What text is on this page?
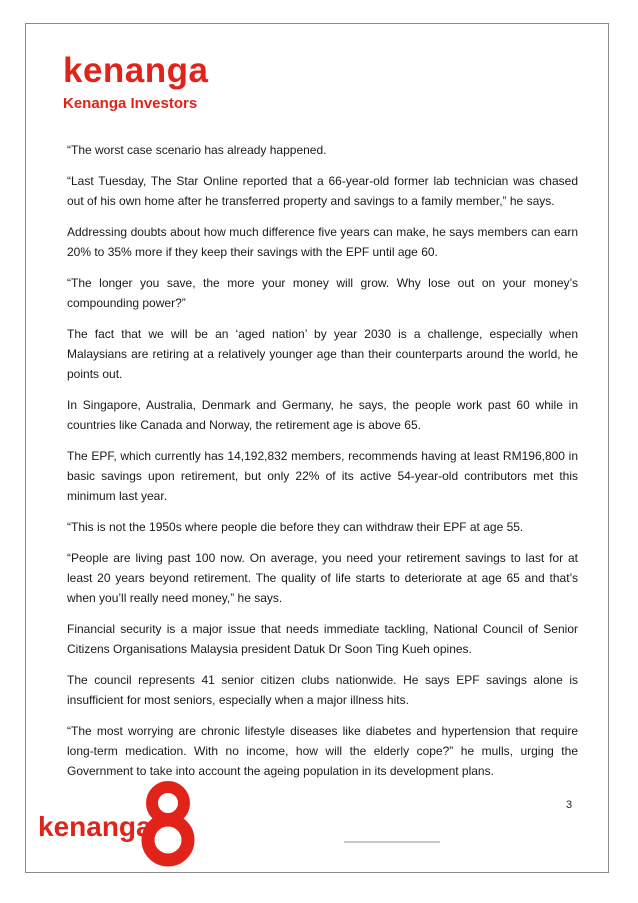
kenanga
Kenanga Investors

“The worst case scenario has already happened.

“Last Tuesday, The Star Online reported that a 66-year-old former lab technician was chased out of his own home after he transferred property and savings to a family member,” he says.

Addressing doubts about how much difference five years can make, he says members can earn 20% to 35% more if they keep their savings with the EPF until age 60.

“The longer you save, the more your money will grow. Why lose out on your money’s compounding power?”

The fact that we will be an ‘aged nation’ by year 2030 is a challenge, especially when Malaysians are retiring at a relatively younger age than their counterparts around the world, he points out.

In Singapore, Australia, Denmark and Germany, he says, the people work past 60 while in countries like Canada and Norway, the retirement age is above 65.

The EPF, which currently has 14,192,832 members, recommends having at least RM196,800 in basic savings upon retirement, but only 22% of its active 54-year-old contributors met this minimum last year.

“This is not the 1950s where people die before they can withdraw their EPF at age 55.

“People are living past 100 now. On average, you need your retirement savings to last for at least 20 years beyond retirement. The quality of life starts to deteriorate at age 65 and that’s when you’ll really need money,” he says.

Financial security is a major issue that needs immediate tackling, National Council of Senior Citizens Organisations Malaysia president Datuk Dr Soon Ting Kueh opines.

The council represents 41 senior citizen clubs nationwide. He says EPF savings alone is insufficient for most seniors, especially when a major illness hits.

“The most worrying are chronic lifestyle diseases like diabetes and hypertension that require long-term medication. With no income, how will the elderly cope?” he mulls, urging the Government to take into account the ageing population in its development plans.

3
kenanga
